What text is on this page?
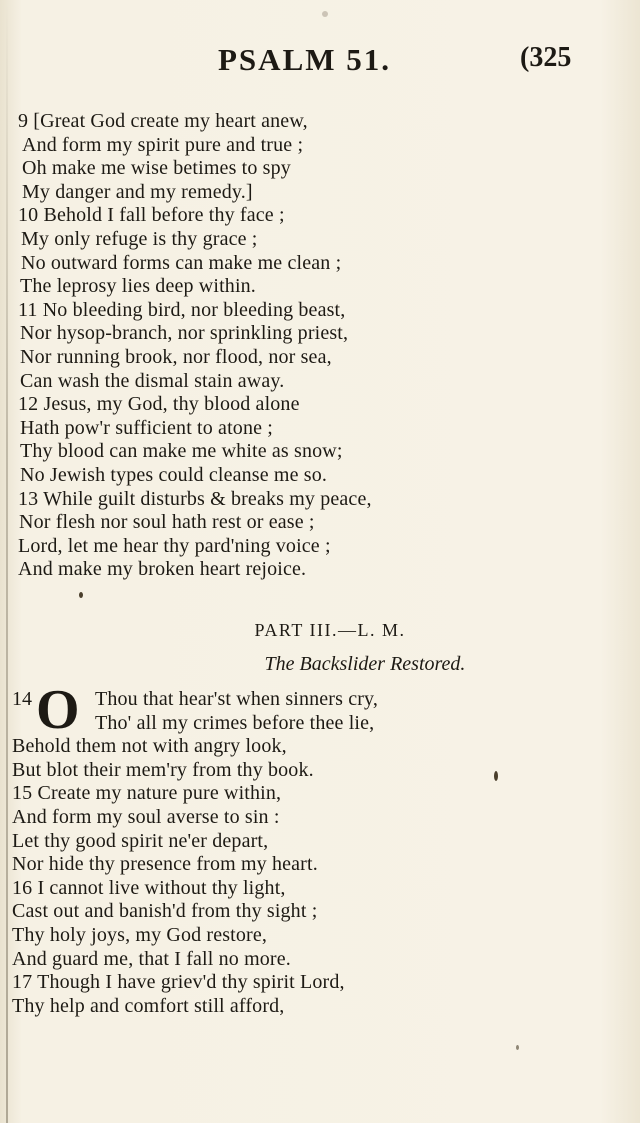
PSALM 51.	(325
9 [Great God create my heart anew,
And form my spirit pure and true ;
Oh make me wise betimes to spy
My danger and my remedy.]
10 Behold I fall before thy face ;
My only refuge is thy grace ;
No outward forms can make me clean ;
The leprosy lies deep within.
11 No bleeding bird, nor bleeding beast,
Nor hysop-branch, nor sprinkling priest,
Nor running brook, nor flood, nor sea,
Can wash the dismal stain away.
12 Jesus, my God, thy blood alone
Hath pow'r sufficient to atone ;
Thy blood can make me white as snow;
No Jewish types could cleanse me so.
13 While guilt disturbs & breaks my peace,
Nor flesh nor soul hath rest or ease ;
Lord, let me hear thy pard'ning voice ;
And make my broken heart rejoice.
PART III.—L. M.
The Backslider Restored.
14 O Thou that hear'st when sinners cry,
Tho' all my crimes before thee lie,
Behold them not with angry look,
But blot their mem'ry from thy book.
15 Create my nature pure within,
And form my soul averse to sin :
Let thy good spirit ne'er depart,
Nor hide thy presence from my heart.
16 I cannot live without thy light,
Cast out and banish'd from thy sight ;
Thy holy joys, my God restore,
And guard me, that I fall no more.
17 Though I have griev'd thy spirit Lord,
Thy help and comfort still afford,
